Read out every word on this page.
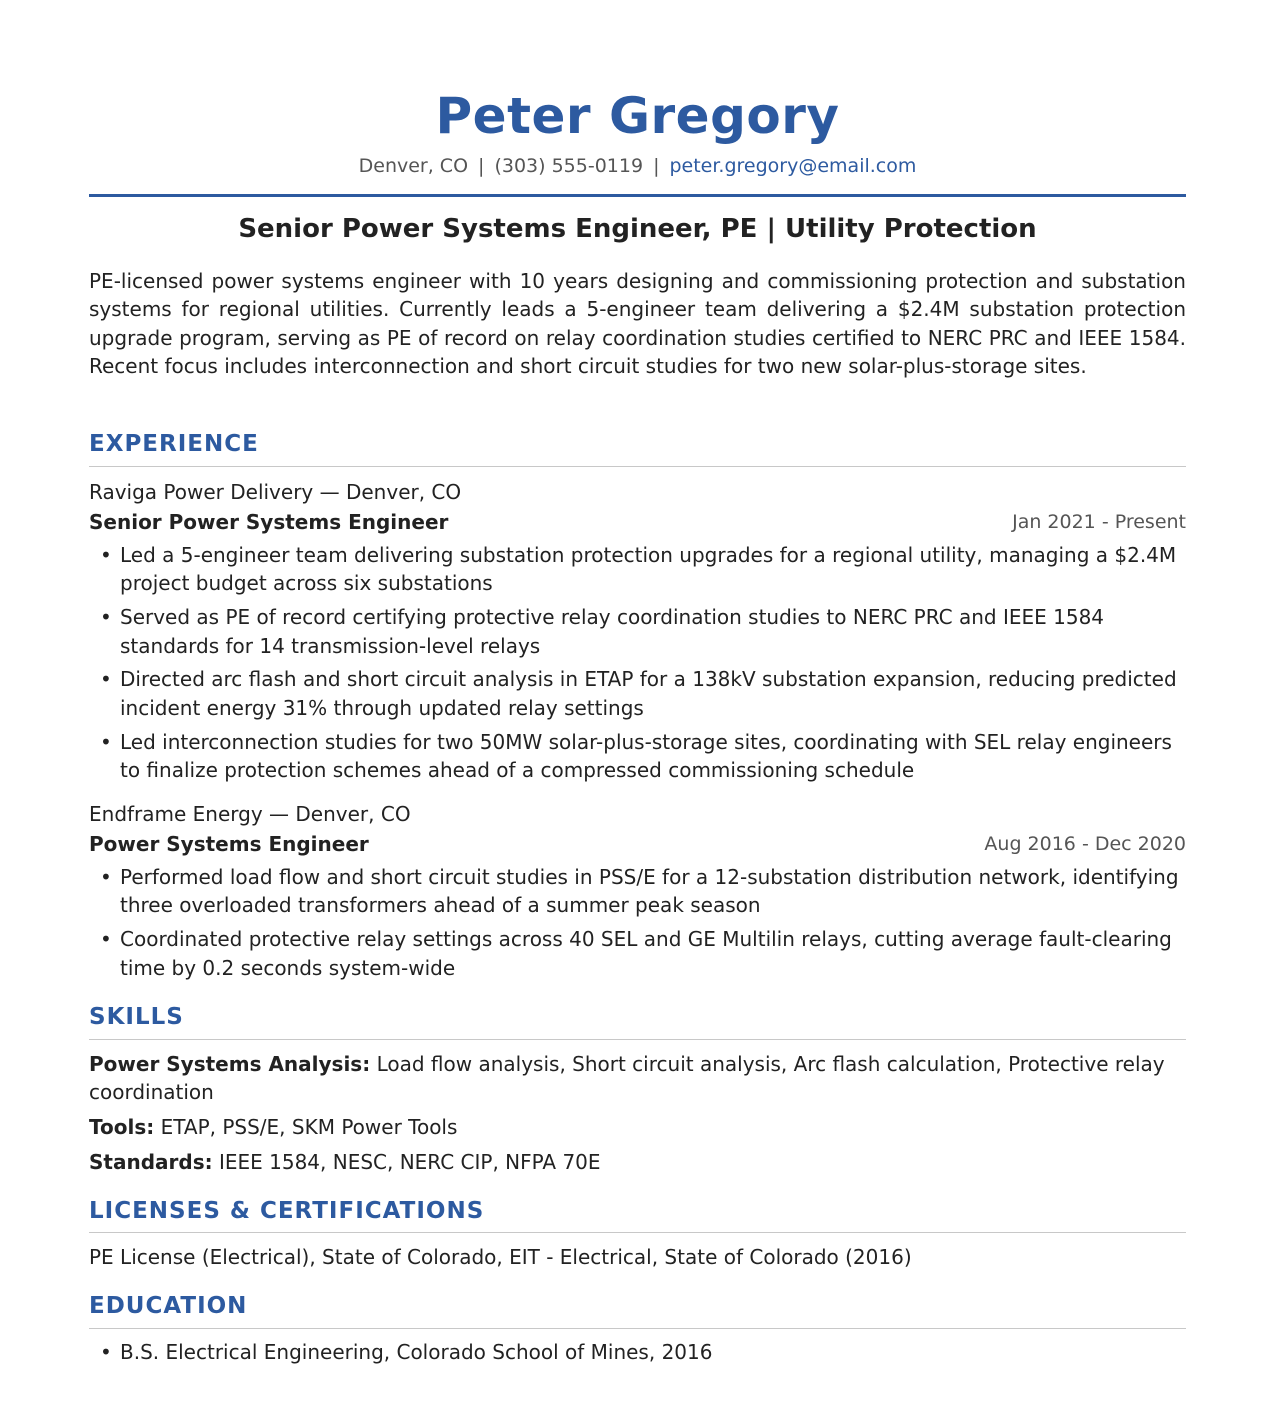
Peter Gregory
Denver, CO | (303) 555-0119 | peter.gregory@email.com
Senior Power Systems Engineer, PE | Utility Protection
PE-licensed power systems engineer with 10 years designing and commissioning protection and substation systems for regional utilities. Currently leads a 5-engineer team delivering a $2.4M substation protection upgrade program, serving as PE of record on relay coordination studies certified to NERC PRC and IEEE 1584. Recent focus includes interconnection and short circuit studies for two new solar-plus-storage sites.
EXPERIENCE
Raviga Power Delivery — Denver, CO
Senior Power Systems Engineer	Jan 2021 - Present
• Led a 5-engineer team delivering substation protection upgrades for a regional utility, managing a $2.4M project budget across six substations
• Served as PE of record certifying protective relay coordination studies to NERC PRC and IEEE 1584 standards for 14 transmission-level relays
• Directed arc flash and short circuit analysis in ETAP for a 138kV substation expansion, reducing predicted incident energy 31% through updated relay settings
• Led interconnection studies for two 50MW solar-plus-storage sites, coordinating with SEL relay engineers to finalize protection schemes ahead of a compressed commissioning schedule
Endframe Energy — Denver, CO
Power Systems Engineer	Aug 2016 - Dec 2020
• Performed load flow and short circuit studies in PSS/E for a 12-substation distribution network, identifying three overloaded transformers ahead of a summer peak season
• Coordinated protective relay settings across 40 SEL and GE Multilin relays, cutting average fault-clearing time by 0.2 seconds system-wide
SKILLS
Power Systems Analysis: Load flow analysis, Short circuit analysis, Arc flash calculation, Protective relay coordination
Tools: ETAP, PSS/E, SKM Power Tools
Standards: IEEE 1584, NESC, NERC CIP, NFPA 70E
LICENSES & CERTIFICATIONS
PE License (Electrical), State of Colorado, EIT - Electrical, State of Colorado (2016)
EDUCATION
• B.S. Electrical Engineering, Colorado School of Mines, 2016
